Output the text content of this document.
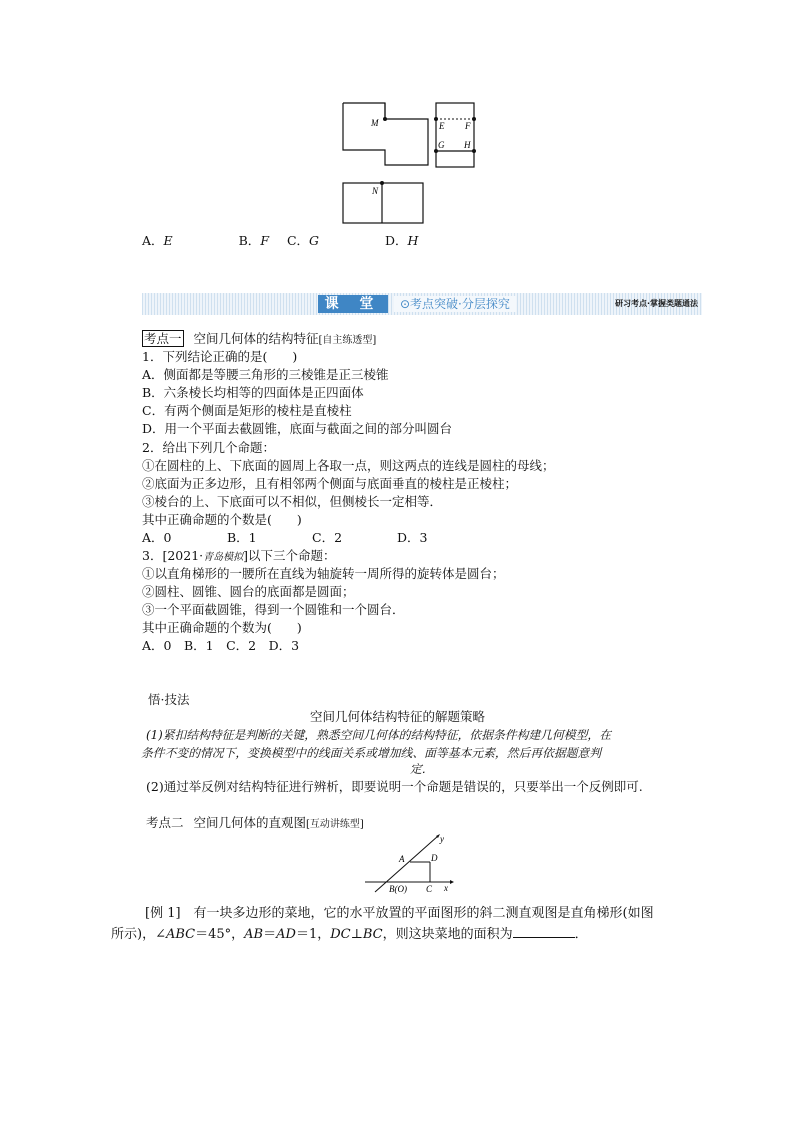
M	E F
G H
N
A．E	B．F C．G	D．H
课 堂	⊙考点突破·分层探究	研习考点·掌握类题通法
考点一 空间几何体的结构特征[自主练透型]
1．下列结论正确的是(　　)
A．侧面都是等腰三角形的三棱锥是正三棱锥
B．六条棱长均相等的四面体是正四面体
C．有两个侧面是矩形的棱柱是直棱柱
D．用一个平面去截圆锥，底面与截面之间的部分叫圆台
2．给出下列几个命题：
①在圆柱的上、下底面的圆周上各取一点，则这两点的连线是圆柱的母线；
②底面为正多边形，且有相邻两个侧面与底面垂直的棱柱是正棱柱；
③棱台的上、下底面可以不相似，但侧棱长一定相等．
其中正确命题的个数是(　　)
A．0	B．1	C．2	D．3
3．[2021·青岛模拟]以下三个命题：
①以直角梯形的一腰所在直线为轴旋转一周所得的旋转体是圆台；
②圆柱、圆锥、圆台的底面都是圆面；
③一个平面截圆锥，得到一个圆锥和一个圆台．
其中正确命题的个数为(　　)
A．0　B．1　C．2　D．3
悟·技法
空间几何体结构特征的解题策略
(1)紧扣结构特征是判断的关键，熟悉空间几何体的结构特征，依据条件构建几何模型，在
条件不变的情况下，变换模型中的线面关系或增加线、面等基本元素，然后再依据题意判
定．
(2)通过举反例对结构特征进行辨析，即要说明一个命题是错误的，只要举出一个反例即可.
考点二 空间几何体的直观图[互动讲练型]
y
x
A	D
B(O) C
[例 1]　有一块多边形的菜地，它的水平放置的平面图形的斜二测直观图是直角梯形(如图
所示)，∠ABC＝45°，AB＝AD＝1，DC⊥BC，则这块菜地的面积为	．
